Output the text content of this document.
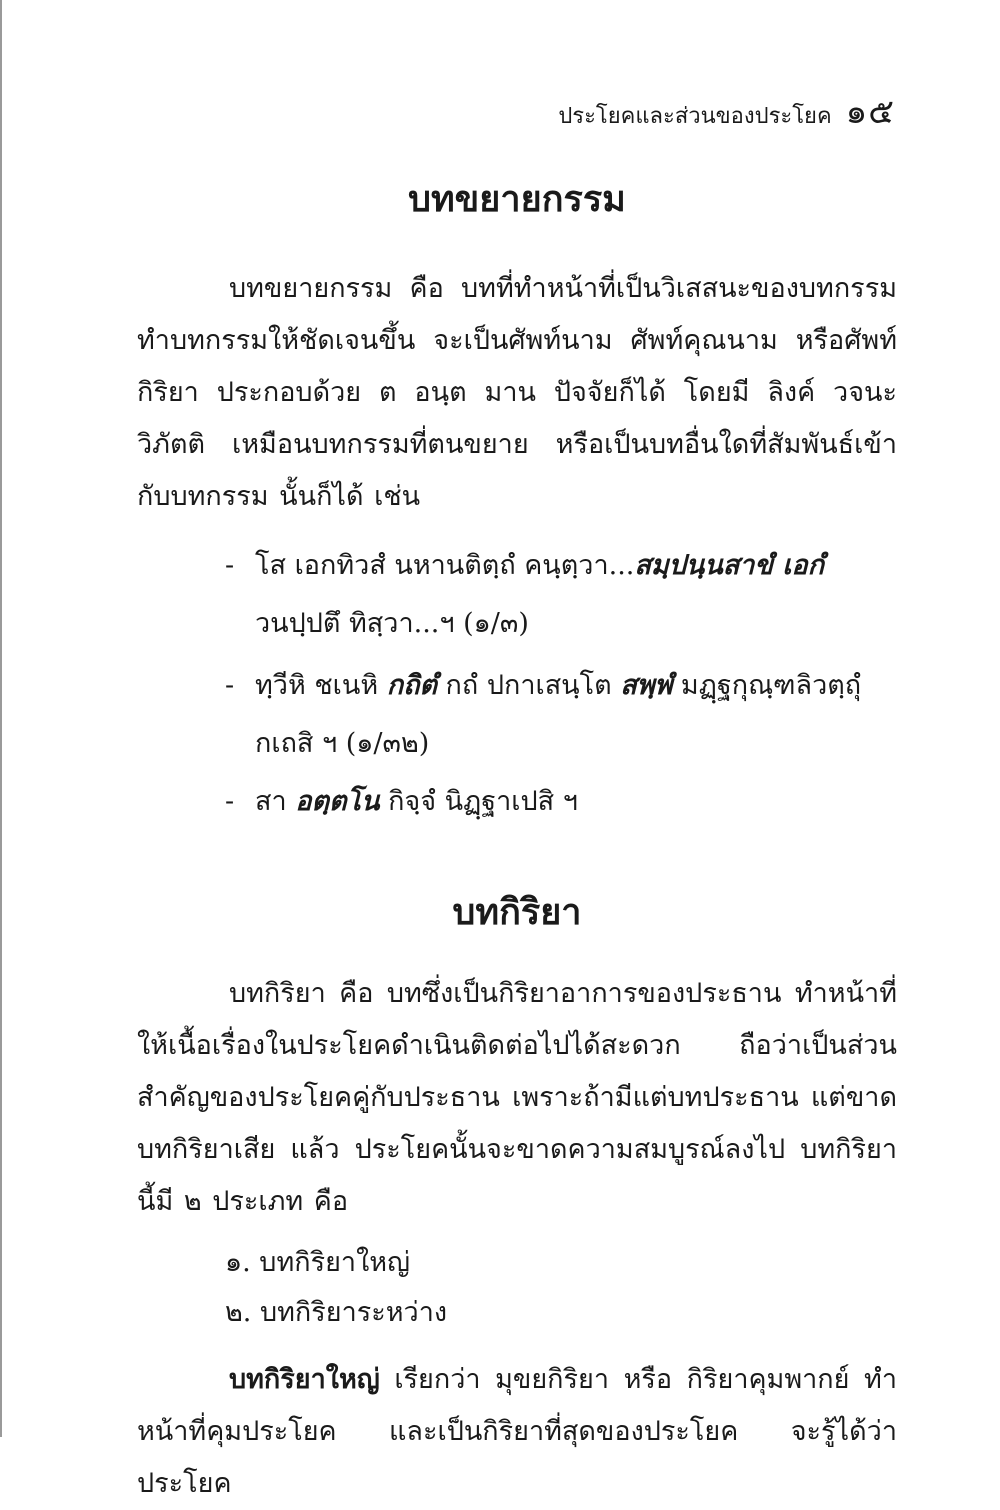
ประโยคและส่วนของประโยค ๑๕
บทขยายกรรม

บทขยายกรรม คือ บทที่ทำหน้าที่เป็นวิเสสนะของบทกรรม ทำบทกรรมให้ชัดเจนขึ้น จะเป็นศัพท์นาม ศัพท์คุณนาม หรือศัพท์กิริยา ประกอบด้วย ต อนฺต มาน ปัจจัยก็ได้ โดยมี ลิงค์ วจนะ วิภัตติ เหมือนบทกรรมที่ตนขยาย หรือเป็นบทอื่นใดที่สัมพันธ์เข้ากับบทกรรม นั้นก็ได้ เช่น

- โส เอกทิวสํ นหานติตฺถํ คนฺตฺวา...สมฺปนฺนสาขํ เอกํ
วนปฺปตึ ทิสฺวา...ฯ (๑/๓)
- ทฺวีหิ ชเนหิ กถิตํ กถํ ปกาเสนฺโต สพฺพํ มฏฺฐกุณฺฑลิวตฺถุํ
กเถสิ ฯ (๑/๓๒)
- สา อตฺตโน กิจฺจํ นิฏฺฐาเปสิ ฯ
บทกิริยา

บทกิริยา คือ บทซึ่งเป็นกิริยาอาการของประธาน ทำหน้าที่ให้เนื้อเรื่องในประโยคดำเนินติดต่อไปได้สะดวก ถือว่าเป็นส่วนสำคัญของประโยคคู่กับประธาน เพราะถ้ามีแต่บทประธาน แต่ขาดบทกิริยาเสีย แล้ว ประโยคนั้นจะขาดความสมบูรณ์ลงไป บทกิริยานี้มี ๒ ประเภท คือ

๑. บทกิริยาใหญ่
๒. บทกิริยาระหว่าง

บทกิริยาใหญ่ เรียกว่า มุขยกิริยา หรือ กิริยาคุมพากย์ ทำหน้าที่คุมประโยค และเป็นกิริยาที่สุดของประโยค จะรู้ได้ว่าประโยค
